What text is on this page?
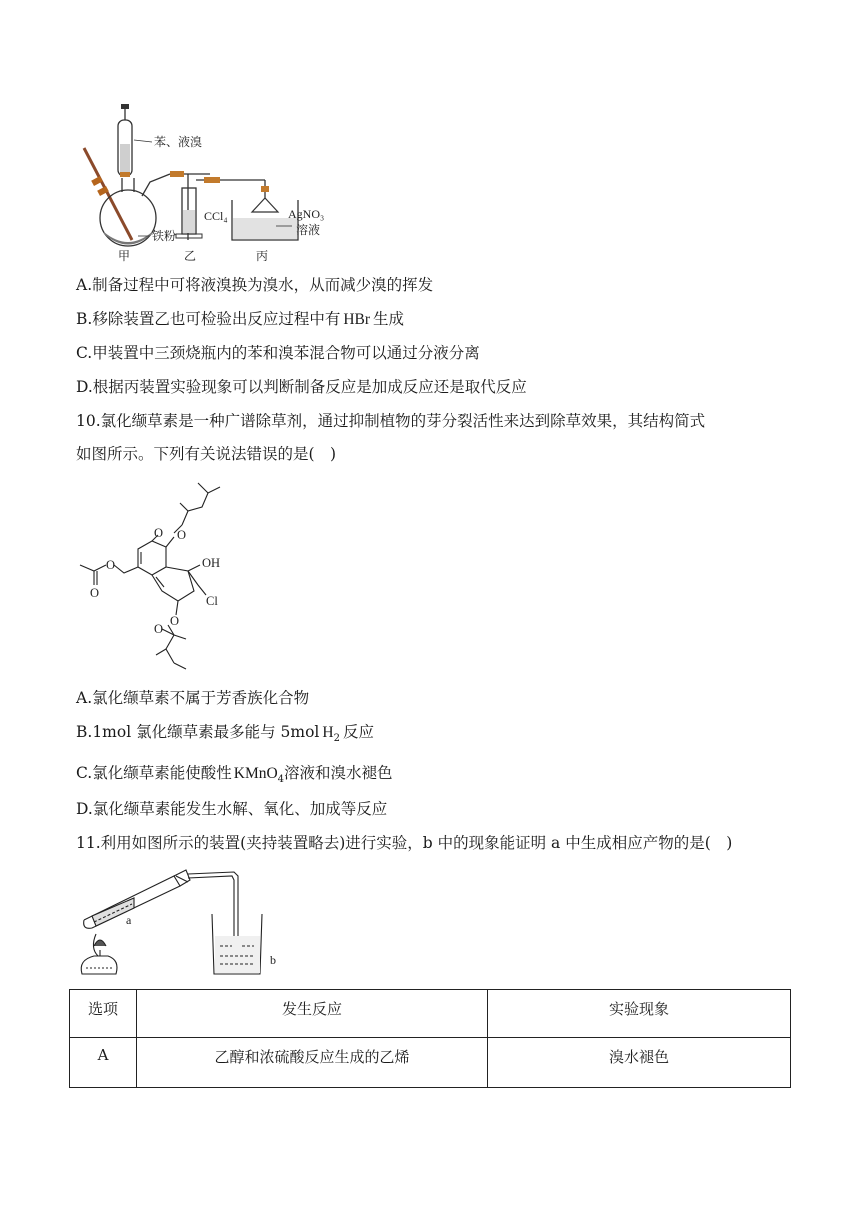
苯、液溴
CCl₄	AgNO₃
溶液
铁粉
甲	乙	丙
A.制备过程中可将液溴换为溴水，从而减少溴的挥发
B.移除装置乙也可检验出反应过程中有 HBr 生成
C.甲装置中三颈烧瓶内的苯和溴苯混合物可以通过分液分离
D.根据丙装置实验现象可以判断制备反应是加成反应还是取代反应
10.氯化缬草素是一种广谱除草剂，通过抑制植物的芽分裂活性来达到除草效果，其结构简式
如图所示。下列有关说法错误的是(　)
O
O
O
O
O
O
OH
Cl
A.氯化缬草素不属于芳香族化合物
B.1mol 氯化缬草素最多能与 5mol $H_2$ 反应
C.氯化缬草素能使酸性 KMnO$_4$溶液和溴水褪色
D.氯化缬草素能发生水解、氧化、加成等反应
11.利用如图所示的装置(夹持装置略去)进行实验，b 中的现象能证明 a 中生成相应产物的是(　)
a
b
选项	发生反应	实验现象
A	乙醇和浓硫酸反应生成的乙烯	溴水褪色
